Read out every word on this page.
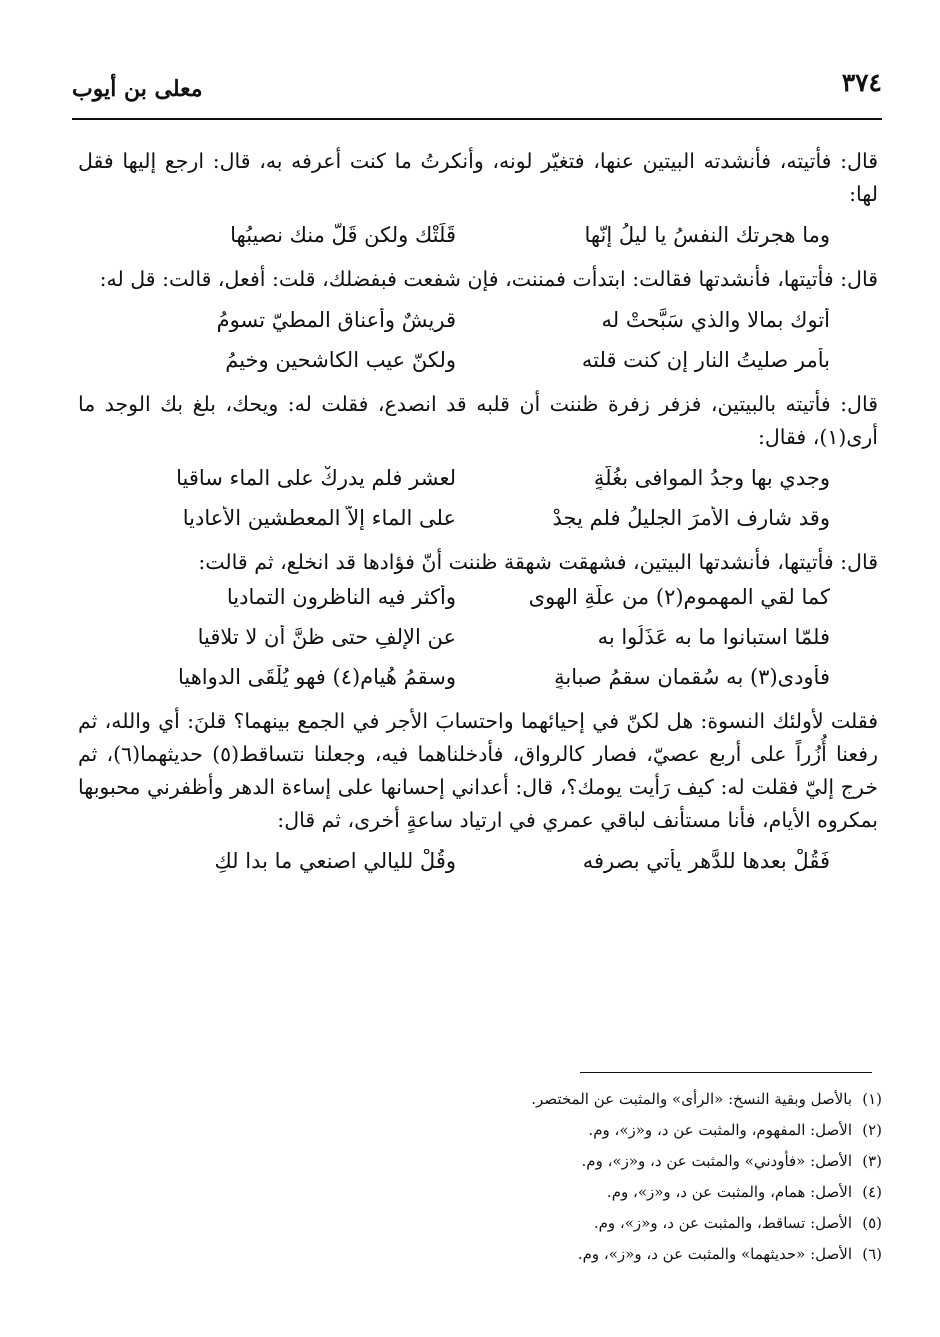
٣٧٤
معلى بن أيوب

قال: فأتيته، فأنشدته البيتين عنها، فتغيّر لونه، وأنكرتُ ما كنت أعرفه به، قال: ارجع إليها فقل لها:

وما هجرتك النفسُ يا ليلُ إنّها
قَلَتْك ولكن قَلَّ منك نصيبُها

قال: فأتيتها، فأنشدتها فقالت: ابتدأت فمننت، فإن شفعت فبفضلك، قلت: أفعل، قالت: قل له:

أتوك بمالا والذي سَبَّحتْ له
قريشٌ وأعناق المطيّ تسومُ
بأمرٍ صليتُ النار إن كنت قلته
ولكنّ عيب الكاشحين وخيمُ

قال: فأتيته بالبيتين، فزفر زفرة ظننت أن قلبه قد انصدع، فقلت له: ويحك، بلغ بك الوجد ما أرى(١)، فقال:

وجدي بها وجدُ الموافى بغُلّةٍ
لعشرٍ فلم يدركْ على الماء ساقيا
وقد شارف الأمرَ الجليلُ فلم يجدْ
على الماء إلاّ المعطشين الأعاديا

قال: فأتيتها، فأنشدتها البيتين، فشهقت شهقة ظننت أنّ فؤادها قد انخلع، ثم قالت:

كما لقي المهموم(٢) من علّةِ الهوى
وأكثر فيه الناظرون التماديا
فلمّا استبانوا ما به عَذَلُوا به
عن الإلفِ حتى ظنَّ أن لا تلاقيا
فأودى(٣) به سُقمان سقمُ صبابةٍ
وسقمُ هُيام(٤) فهو يُلْقَى الدواهيا

فقلت لأولئك النسوة: هل لكنّ في إحيائهما واحتسابَ الأجر في الجمع بينهما؟ قلنَ: أي والله، ثم رفعنا أُزُراً على أربع عصيّ، فصار كالرواق، فأدخلناهما فيه، وجعلنا نتساقط(٥) حديثهما(٦)، ثم خرج إليّ فقلت له: كيف رَأيت يومك؟، قال: أعداني إحسانها على إساءة الدهر وأظفرني محبوبها بمكروه الأيام، فأنا مستأنف لباقي عمري في ارتياد ساعةٍ أخرى، ثم قال:

فَقُلْ بعدها للدَّهرِ يأتي بصرفه
وقُلْ لليالي اصنعي ما بدا لكِ
(١)بالأصل وبقية النسخ: «الرأى» والمثبت عن المختصر.
(٢)الأصل: المفهوم، والمثبت عن د، و«ز»، وم.
(٣)الأصل: «فأودني» والمثبت عن د، و«ز»، وم.
(٤)الأصل: همام، والمثبت عن د، و«ز»، وم.
(٥)الأصل: تساقط، والمثبت عن د، و«ز»، وم.
(٦)الأصل: «حديثهما» والمثبت عن د، و«ز»، وم.
